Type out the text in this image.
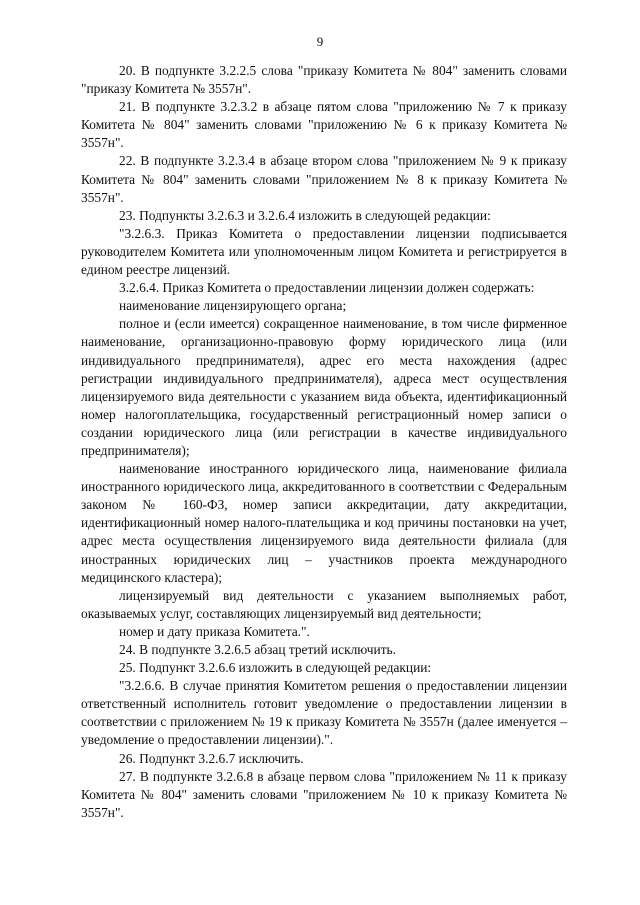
9

20. В подпункте 3.2.2.5 слова "приказу Комитета № 804" заменить словами "приказу Комитета № 3557н".

21. В подпункте 3.2.3.2 в абзаце пятом слова "приложению № 7 к приказу Комитета № 804" заменить словами "приложению № 6 к приказу Комитета № 3557н".

22. В подпункте 3.2.3.4 в абзаце втором слова "приложением № 9 к приказу Комитета № 804" заменить словами "приложением № 8 к приказу Комитета № 3557н".

23. Подпункты 3.2.6.3 и 3.2.6.4 изложить в следующей редакции:

"3.2.6.3. Приказ Комитета о предоставлении лицензии подписывается руководителем Комитета или уполномоченным лицом Комитета и регистрируется в едином реестре лицензий.

3.2.6.4. Приказ Комитета о предоставлении лицензии должен содержать:

наименование лицензирующего органа;

полное и (если имеется) сокращенное наименование, в том числе фирменное наименование, организационно-правовую форму юридического лица (или индивидуального предпринимателя), адрес его места нахождения (адрес регистрации индивидуального предпринимателя), адреса мест осуществления лицензируемого вида деятельности с указанием вида объекта, идентификационный номер налогоплательщика, государственный регистрационный номер записи о создании юридического лица (или регистрации в качестве индивидуального предпринимателя);

наименование иностранного юридического лица, наименование филиала иностранного юридического лица, аккредитованного в соответствии с Федеральным законом № 160-ФЗ, номер записи аккредитации, дату аккредитации, идентификационный номер налого-плательщика и код причины постановки на учет, адрес места осуществления лицензируемого вида деятельности филиала (для иностранных юридических лиц – участников проекта международного медицинского кластера);

лицензируемый вид деятельности с указанием выполняемых работ, оказываемых услуг, составляющих лицензируемый вид деятельности;

номер и дату приказа Комитета.".

24. В подпункте 3.2.6.5 абзац третий исключить.

25. Подпункт 3.2.6.6 изложить в следующей редакции:

"3.2.6.6. В случае принятия Комитетом решения о предоставлении лицензии ответственный исполнитель готовит уведомление о предоставлении лицензии в соответствии с приложением № 19 к приказу Комитета № 3557н (далее именуется – уведомление о предоставлении лицензии).".

26. Подпункт 3.2.6.7 исключить.

27. В подпункте 3.2.6.8 в абзаце первом слова "приложением № 11 к приказу Комитета № 804" заменить словами "приложением № 10 к приказу Комитета № 3557н".
